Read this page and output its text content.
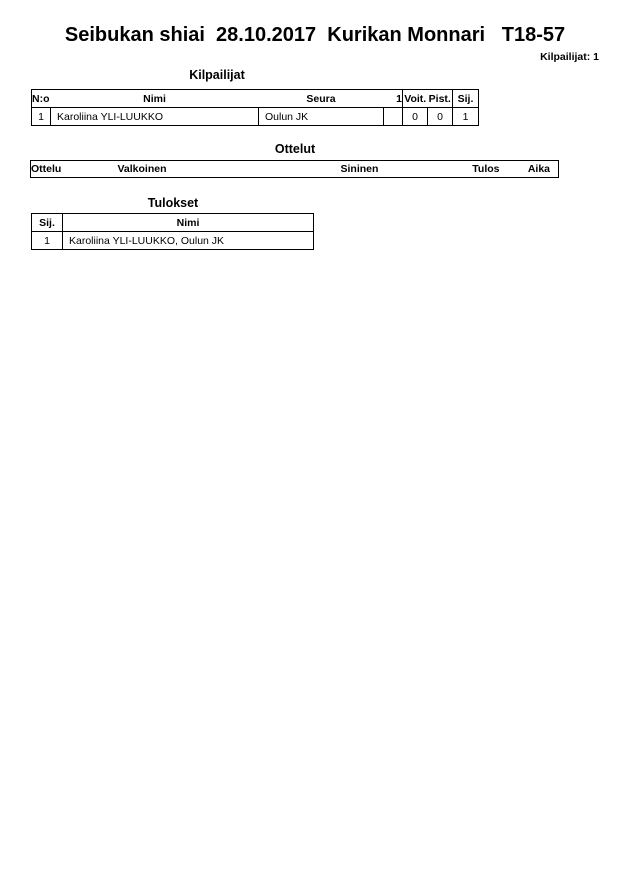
Seibukan shiai  28.10.2017  Kurikan Monnari   T18-57
Kilpailijat: 1
Kilpailijat
N:o	Nimi	Seura	1	Voit.	Pist.	Sij.
1	Karoliina YLI-LUUKKO	Oulun JK		0	0	1
Ottelut
Ottelu	Valkoinen	Sininen	Tulos	Aika
Tulokset
Sij.	Nimi
1	Karoliina YLI-LUUKKO, Oulun JK
